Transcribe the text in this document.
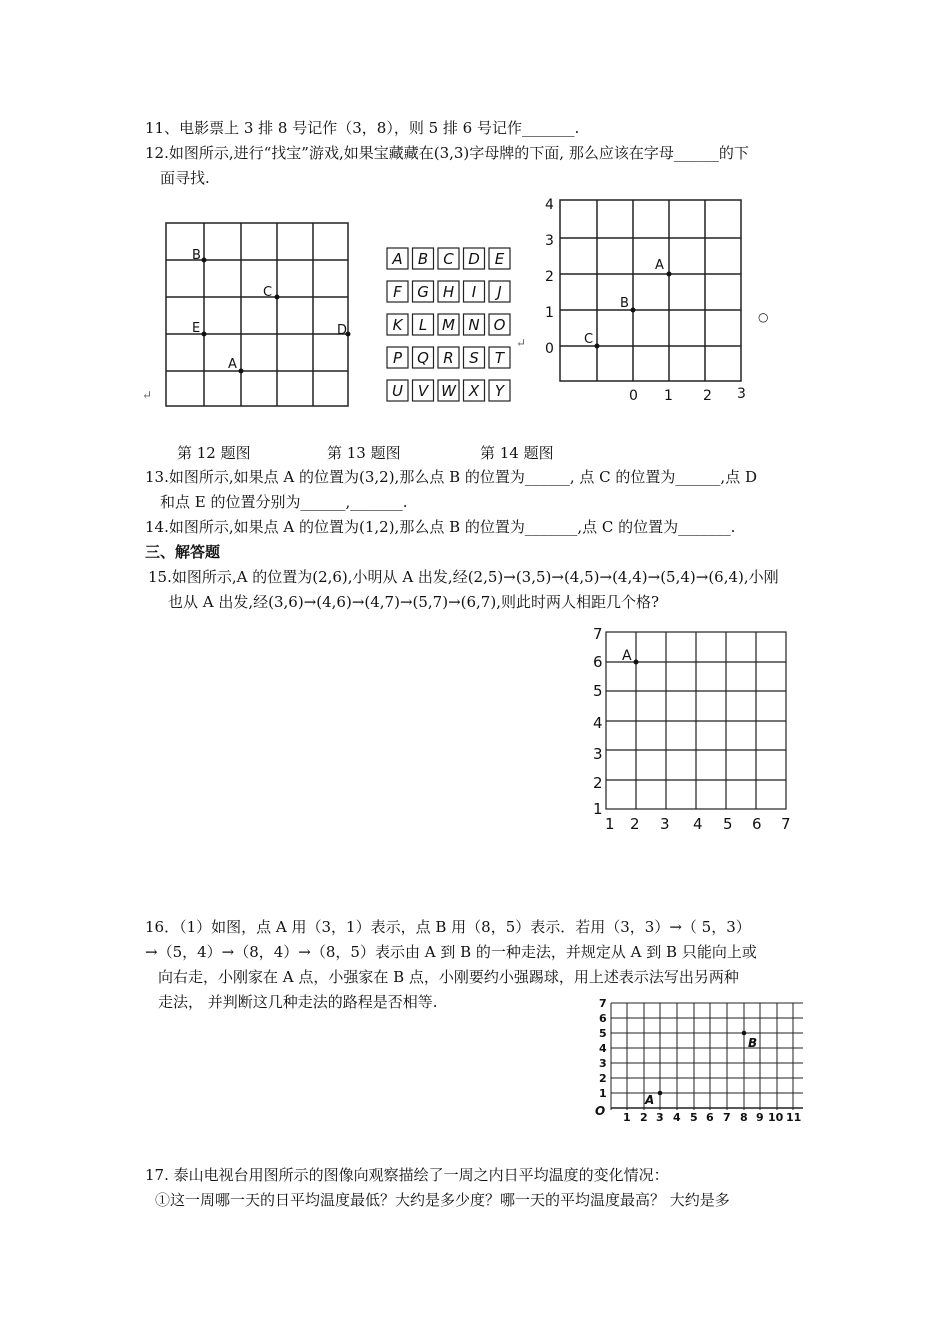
11、电影票上 3 排 8 号记作（3，8），则 5 排 6 号记作_______.
12.如图所示,进行“找宝”游戏,如果宝藏藏在(3,3)字母牌的下面, 那么应该在字母______的下
面寻找.
B
C
E	D
A
↵
A B C D E
F G H I J
K L M N O
P Q R S T
U V W X Y
↵
4
3
2
1
0
0 1 2 3
A
B
C
○
第 12 题图	第 13 题图	第 14 题图
13.如图所示,如果点 A 的位置为(3,2),那么点 B 的位置为______, 点 C 的位置为______,点 D
和点 E 的位置分别为______,_______.
14.如图所示,如果点 A 的位置为(1,2),那么点 B 的位置为_______,点 C 的位置为_______.
三、解答题
15.如图所示,A 的位置为(2,6),小明从 A 出发,经(2,5)→(3,5)→(4,5)→(4,4)→(5,4)→(6,4),小刚
也从 A 出发,经(3,6)→(4,6)→(4,7)→(5,7)→(6,7),则此时两人相距几个格?
7
6
5
4
3
2
1
1 2 3 4 5 6 7
A
16．（1）如图，点 A 用（3，1）表示，点 B 用（8，5）表示．若用（3，3）→（ 5，3）
→（5，4）→（8，4）→（8，5）表示由 A 到 B 的一种走法，并规定从 A 到 B 只能向上或
向右走，小刚家在 A 点，小强家在 B 点，小刚要约小强踢球，用上述表示法写出另两种
走法， 并判断这几种走法的路程是否相等.
O
7
6
5
4
3
2
1
1 2 3 4 5 6 7 8 9 10 11
A
B
17. 泰山电视台用图所示的图像向观察描绘了一周之内日平均温度的变化情况：
①这一周哪一天的日平均温度最低？大约是多少度？哪一天的平均温度最高？ 大约是多
